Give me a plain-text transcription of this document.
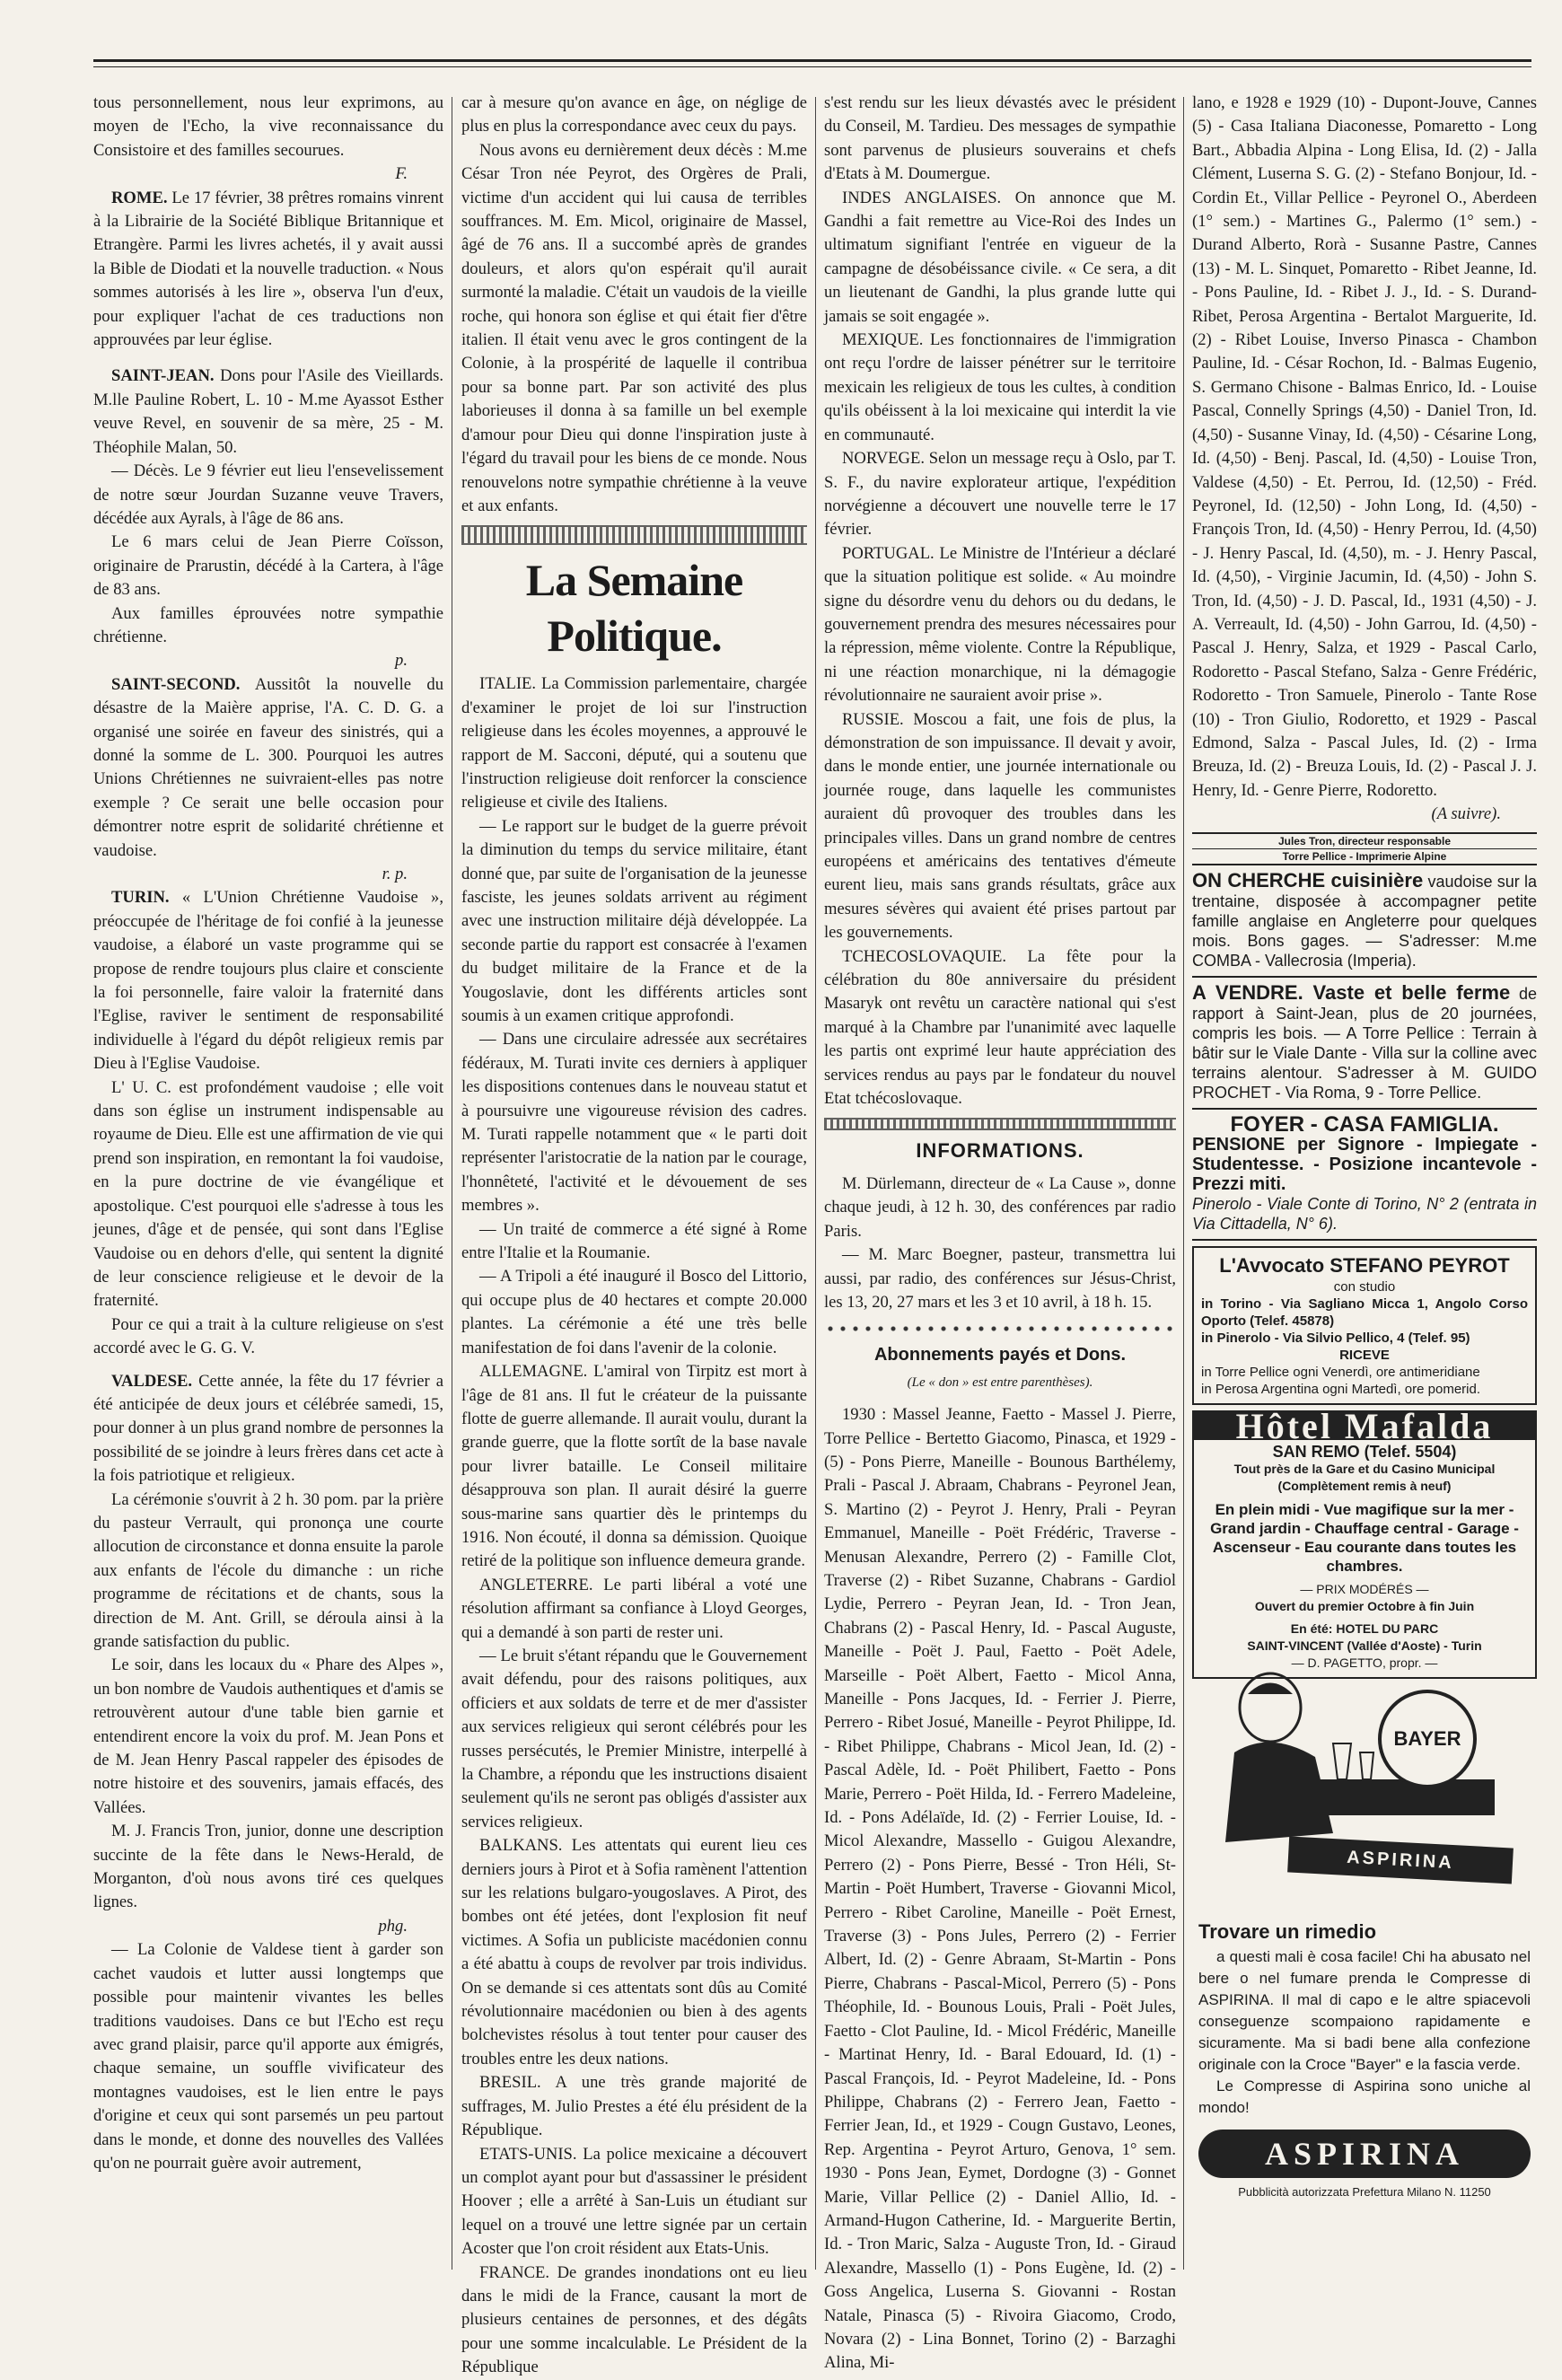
tous personnellement, nous leur exprimons, au moyen de l'Echo, la vive reconnaissance du Consistoire et des familles secourues.

F.

ROME. Le 17 février, 38 prêtres romains vinrent à la Librairie de la Société Biblique Britannique et Etrangère. Parmi les livres achetés, il y avait aussi la Bible de Diodati et la nouvelle traduction. « Nous sommes autorisés à les lire », observa l'un d'eux, pour expliquer l'achat de ces traductions non approuvées par leur église.

SAINT-JEAN. Dons pour l'Asile des Vieillards. M.lle Pauline Robert, L. 10 - M.me Ayassot Esther veuve Revel, en souvenir de sa mère, 25 - M. Théophile Malan, 50.

— Décès. Le 9 février eut lieu l'ensevelissement de notre sœur Jourdan Suzanne veuve Travers, décédée aux Ayrals, à l'âge de 86 ans.

Le 6 mars celui de Jean Pierre Coïsson, originaire de Prarustin, décédé à la Cartera, à l'âge de 83 ans.

Aux familles éprouvées notre sympathie chrétienne.

p.

SAINT-SECOND. Aussitôt la nouvelle du désastre de la Maière apprise, l'A. C. D. G. a organisé une soirée en faveur des sinistrés, qui a donné la somme de L. 300. Pourquoi les autres Unions Chrétiennes ne suivraient-elles pas notre exemple ? Ce serait une belle occasion pour démontrer notre esprit de solidarité chrétienne et vaudoise.

r. p.

TURIN. « L'Union Chrétienne Vaudoise », préoccupée de l'héritage de foi confié à la jeunesse vaudoise, a élaboré un vaste programme qui se propose de rendre toujours plus claire et consciente la foi personnelle, faire valoir la fraternité dans l'Eglise, raviver le sentiment de responsabilité individuelle à l'égard du dépôt religieux remis par Dieu à l'Eglise Vaudoise.

L' U. C. est profondément vaudoise ; elle voit dans son église un instrument indispensable au royaume de Dieu. Elle est une affirmation de vie qui prend son inspiration, en remontant la foi vaudoise, en la pure doctrine de vie évangélique et apostolique. C'est pourquoi elle s'adresse à tous les jeunes, d'âge et de pensée, qui sont dans l'Eglise Vaudoise ou en dehors d'elle, qui sentent la dignité de leur conscience religieuse et le devoir de la fraternité.

Pour ce qui a trait à la culture religieuse on s'est accordé avec le G. G. V.

VALDESE. Cette année, la fête du 17 février a été anticipée de deux jours et célébrée samedi, 15, pour donner à un plus grand nombre de personnes la possibilité de se joindre à leurs frères dans cet acte à la fois patriotique et religieux.

La cérémonie s'ouvrit à 2 h. 30 pom. par la prière du pasteur Verrault, qui prononça une courte allocution de circonstance et donna ensuite la parole aux enfants de l'école du dimanche : un riche programme de récitations et de chants, sous la direction de M. Ant. Grill, se déroula ainsi à la grande satisfaction du public.

Le soir, dans les locaux du « Phare des Alpes », un bon nombre de Vaudois authentiques et d'amis se retrouvèrent autour d'une table bien garnie et entendirent encore la voix du prof. M. Jean Pons et de M. Jean Henry Pascal rappeler des épisodes de notre histoire et des souvenirs, jamais effacés, des Vallées.

M. J. Francis Tron, junior, donne une description succinte de la fête dans le News-Herald, de Morganton, d'où nous avons tiré ces quelques lignes.

phg.

— La Colonie de Valdese tient à garder son cachet vaudois et lutter aussi longtemps que possible pour maintenir vivantes les belles traditions vaudoises. Dans ce but l'Echo est reçu avec grand plaisir, parce qu'il apporte aux émigrés, chaque semaine, un souffle vivificateur des montagnes vaudoises, est le lien entre le pays d'origine et ceux qui sont parsemés un peu partout dans le monde, et donne des nouvelles des Vallées qu'on ne pourrait guère avoir autrement,

car à mesure qu'on avance en âge, on néglige de plus en plus la correspondance avec ceux du pays.

Nous avons eu dernièrement deux décès : M.me César Tron née Peyrot, des Orgères de Prali, victime d'un accident qui lui causa de terribles souffrances. M. Em. Micol, originaire de Massel, âgé de 76 ans. Il a succombé après de grandes douleurs, et alors qu'on espérait qu'il aurait surmonté la maladie. C'était un vaudois de la vieille roche, qui honora son église et qui était fier d'être italien. Il était venu avec le gros contingent de la Colonie, à la prospérité de laquelle il contribua pour sa bonne part. Par son activité des plus laborieuses il donna à sa famille un bel exemple d'amour pour Dieu qui donne l'inspiration juste à l'égard du travail pour les biens de ce monde. Nous renouvelons notre sympathie chrétienne à la veuve et aux enfants.

La Semaine Politique.

ITALIE. La Commission parlementaire, chargée d'examiner le projet de loi sur l'instruction religieuse dans les écoles moyennes, a approuvé le rapport de M. Sacconi, député, qui a soutenu que l'instruction religieuse doit renforcer la conscience religieuse et civile des Italiens.

— Le rapport sur le budget de la guerre prévoit la diminution du temps du service militaire, étant donné que, par suite de l'organisation de la jeunesse fasciste, les jeunes soldats arrivent au régiment avec une instruction militaire déjà développée. La seconde partie du rapport est consacrée à l'examen du budget militaire de la France et de la Yougoslavie, dont les différents articles sont soumis à un examen critique approfondi.

— Dans une circulaire adressée aux secrétaires fédéraux, M. Turati invite ces derniers à appliquer les dispositions contenues dans le nouveau statut et à poursuivre une vigoureuse révision des cadres. M. Turati rappelle notamment que « le parti doit représenter l'aristocratie de la nation par le courage, l'honnêteté, l'activité et le dévouement de ses membres ».

— Un traité de commerce a été signé à Rome entre l'Italie et la Roumanie.

— A Tripoli a été inauguré il Bosco del Littorio, qui occupe plus de 40 hectares et compte 20.000 plantes. La cérémonie a été une très belle manifestation de foi dans l'avenir de la colonie.

ALLEMAGNE. L'amiral von Tirpitz est mort à l'âge de 81 ans. Il fut le créateur de la puissante flotte de guerre allemande. Il aurait voulu, durant la grande guerre, que la flotte sortît de la base navale pour livrer bataille. Le Conseil militaire désapprouva son plan. Il aurait désiré la guerre sous-marine sans quartier dès le printemps du 1916. Non écouté, il donna sa démission. Quoique retiré de la politique son influence demeura grande.

ANGLETERRE. Le parti libéral a voté une résolution affirmant sa confiance à Lloyd Georges, qui a demandé à son parti de rester uni.

— Le bruit s'étant répandu que le Gouvernement avait défendu, pour des raisons politiques, aux officiers et aux soldats de terre et de mer d'assister aux services religieux qui seront célébrés pour les russes persécutés, le Premier Ministre, interpellé à la Chambre, a répondu que les instructions disaient seulement qu'ils ne seront pas obligés d'assister aux services religieux.

BALKANS. Les attentats qui eurent lieu ces derniers jours à Pirot et à Sofia ramènent l'attention sur les relations bulgaro-yougoslaves. A Pirot, des bombes ont été jetées, dont l'explosion fit neuf victimes. A Sofia un publiciste macédonien connu a été abattu à coups de revolver par trois individus. On se demande si ces attentats sont dûs au Comité révolutionnaire macédonien ou bien à des agents bolchevistes résolus à tout tenter pour causer des troubles entre les deux nations.

BRESIL. A une très grande majorité de suffrages, M. Julio Prestes a été élu président de la République.

ETATS-UNIS. La police mexicaine a découvert un complot ayant pour but d'assassiner le président Hoover ; elle a arrêté à San-Luis un étudiant sur lequel on a trouvé une lettre signée par un certain Acoster que l'on croit résident aux Etats-Unis.

FRANCE. De grandes inondations ont eu lieu dans le midi de la France, causant la mort de plusieurs centaines de personnes, et des dégâts pour une somme incalculable. Le Président de la République

s'est rendu sur les lieux dévastés avec le président du Conseil, M. Tardieu. Des messages de sympathie sont parvenus de plusieurs souverains et chefs d'Etats à M. Doumergue.

INDES ANGLAISES. On annonce que M. Gandhi a fait remettre au Vice-Roi des Indes un ultimatum signifiant l'entrée en vigueur de la campagne de désobéissance civile. « Ce sera, a dit un lieutenant de Gandhi, la plus grande lutte qui jamais se soit engagée ».

MEXIQUE. Les fonctionnaires de l'immigration ont reçu l'ordre de laisser pénétrer sur le territoire mexicain les religieux de tous les cultes, à condition qu'ils obéissent à la loi mexicaine qui interdit la vie en communauté.

NORVEGE. Selon un message reçu à Oslo, par T. S. F., du navire explorateur artique, l'expédition norvégienne a découvert une nouvelle terre le 17 février.

PORTUGAL. Le Ministre de l'Intérieur a déclaré que la situation politique est solide. « Au moindre signe du désordre venu du dehors ou du dedans, le gouvernement prendra des mesures nécessaires pour la répression, même violente. Contre la République, ni une réaction monarchique, ni la démagogie révolutionnaire ne sauraient avoir prise ».

RUSSIE. Moscou a fait, une fois de plus, la démonstration de son impuissance. Il devait y avoir, dans le monde entier, une journée internationale ou journée rouge, dans laquelle les communistes auraient dû provoquer des troubles dans les principales villes. Dans un grand nombre de centres européens et américains des tentatives d'émeute eurent lieu, mais sans grands résultats, grâce aux mesures sévères qui avaient été prises partout par les gouvernements.

TCHECOSLOVAQUIE. La fête pour la célébration du 80e anniversaire du président Masaryk ont revêtu un caractère national qui s'est marqué à la Chambre par l'unanimité avec laquelle les partis ont exprimé leur haute appréciation des services rendus au pays par le fondateur du nouvel Etat tchécoslovaque.

INFORMATIONS.

M. Dürlemann, directeur de « La Cause », donne chaque jeudi, à 12 h. 30, des conférences par radio Paris.

— M. Marc Boegner, pasteur, transmettra lui aussi, par radio, des conférences sur Jésus-Christ, les 13, 20, 27 mars et les 3 et 10 avril, à 18 h. 15.

Abonnements payés et Dons.
(Le « don » est entre parenthèses).

1930 : Massel Jeanne, Faetto - Massel J. Pierre, Torre Pellice - Bertetto Giacomo, Pinasca, et 1929 - (5) - Pons Pierre, Maneille - Bounous Barthélemy, Prali - Pascal J. Abraam, Chabrans - Peyronel Jean, S. Martino (2) - Peyrot J. Henry, Prali - Peyran Emmanuel, Maneille - Poët Frédéric, Traverse - Menusan Alexandre, Perrero (2) - Famille Clot, Traverse (2) - Ribet Suzanne, Chabrans - Gardiol Lydie, Perrero - Peyran Jean, Id. - Tron Jean, Chabrans (2) - Pascal Henry, Id. - Pascal Auguste, Maneille - Poët J. Paul, Faetto - Poët Adele, Marseille - Poët Albert, Faetto - Micol Anna, Maneille - Pons Jacques, Id. - Ferrier J. Pierre, Perrero - Ribet Josué, Maneille - Peyrot Philippe, Id. - Ribet Philippe, Chabrans - Micol Jean, Id. (2) - Pascal Adèle, Id. - Poët Philibert, Faetto - Pons Marie, Perrero - Poët Hilda, Id. - Ferrero Madeleine, Id. - Pons Adélaïde, Id. (2) - Ferrier Louise, Id. - Micol Alexandre, Massello - Guigou Alexandre, Perrero (2) - Pons Pierre, Bessé - Tron Héli, St-Martin - Poët Humbert, Traverse - Giovanni Micol, Perrero - Ribet Caroline, Maneille - Poët Ernest, Traverse (3) - Pons Jules, Perrero (2) - Ferrier Albert, Id. (2) - Genre Abraam, St-Martin - Pons Pierre, Chabrans - Pascal-Micol, Perrero (5) - Pons Théophile, Id. - Bounous Louis, Prali - Poët Jules, Faetto - Clot Pauline, Id. - Micol Frédéric, Maneille - Martinat Henry, Id. - Baral Edouard, Id. (1) - Pascal François, Id. - Peyrot Madeleine, Id. - Pons Philippe, Chabrans (2) - Ferrero Jean, Faetto - Ferrier Jean, Id., et 1929 - Cougn Gustavo, Leones, Rep. Argentina - Peyrot Arturo, Genova, 1° sem. 1930 - Pons Jean, Eymet, Dordogne (3) - Gonnet Marie, Villar Pellice (2) - Daniel Allio, Id. - Armand-Hugon Catherine, Id. - Marguerite Bertin, Id. - Tron Maric, Salza - Auguste Tron, Id. - Giraud Alexandre, Massello (1) - Pons Eugène, Id. (2) - Goss Angelica, Luserna S. Giovanni - Rostan Natale, Pinasca (5) - Rivoira Giacomo, Crodo, Novara (2) - Lina Bonnet, Torino (2) - Barzaghi Alina, Mi-

lano, e 1928 e 1929 (10) - Dupont-Jouve, Cannes (5) - Casa Italiana Diaconesse, Pomaretto - Long Bart., Abbadia Alpina - Long Elisa, Id. (2) - Jalla Clément, Luserna S. G. (2) - Stefano Bonjour, Id. - Cordin Et., Villar Pellice - Peyronel O., Aberdeen (1° sem.) - Martines G., Palermo (1° sem.) - Durand Alberto, Rorà - Susanne Pastre, Cannes (13) - M. L. Sinquet, Pomaretto - Ribet Jeanne, Id. - Pons Pauline, Id. - Ribet J. J., Id. - S. Durand-Ribet, Perosa Argentina - Bertalot Marguerite, Id. (2) - Ribet Louise, Inverso Pinasca - Chambon Pauline, Id. - César Rochon, Id. - Balmas Eugenio, S. Germano Chisone - Balmas Enrico, Id. - Louise Pascal, Connelly Springs (4,50) - Daniel Tron, Id. (4,50) - Susanne Vinay, Id. (4,50) - Césarine Long, Id. (4,50) - Benj. Pascal, Id. (4,50) - Louise Tron, Valdese (4,50) - Et. Perrou, Id. (12,50) - Fréd. Peyronel, Id. (12,50) - John Long, Id. (4,50) - François Tron, Id. (4,50) - Henry Perrou, Id. (4,50) - J. Henry Pascal, Id. (4,50), m. - J. Henry Pascal, Id. (4,50), - Virginie Jacumin, Id. (4,50) - John S. Tron, Id. (4,50) - J. D. Pascal, Id., 1931 (4,50) - J. A. Verreault, Id. (4,50) - John Garrou, Id. (4,50) - Pascal J. Henry, Salza, et 1929 - Pascal Carlo, Rodoretto - Pascal Stefano, Salza - Genre Frédéric, Rodoretto - Tron Samuele, Pinerolo - Tante Rose (10) - Tron Giulio, Rodoretto, et 1929 - Pascal Edmond, Salza - Pascal Jules, Id. (2) - Irma Breuza, Id. (2) - Breuza Louis, Id. (2) - Pascal J. J. Henry, Id. - Genre Pierre, Rodoretto.

(A suivre).
Jules Tron, directeur responsable
Torre Pellice - Imprimerie Alpine
ON CHERCHE cuisinière vaudoise sur la trentaine, disposée à accompagner petite famille anglaise en Angleterre pour quelques mois. Bons gages. — S'adresser: M.me COMBA - Vallecrosia (Imperia).
A VENDRE. Vaste et belle ferme de rapport à Saint-Jean, plus de 20 journées, compris les bois. — A Torre Pellice : Terrain à bâtir sur le Viale Dante - Villa sur la colline avec terrains alentour. S'adresser à M. GUIDO PROCHET - Via Roma, 9 - Torre Pellice.
FOYER - CASA FAMIGLIA.
PENSIONE per Signore - Impiegate - Studentesse. - Posizione incantevole - Prezzi miti.
Pinerolo - Viale Conte di Torino, N° 2 (entrata in Via Cittadella, N° 6).
L'Avvocato STEFANO PEYROT
con studio
in Torino - Via Sagliano Micca 1, Angolo Corso Oporto (Telef. 45878)
in Pinerolo - Via Silvio Pellico, 4 (Telef. 95)
RICEVE
in Torre Pellice ogni Venerdì, ore antimeridiane
in Perosa Argentina ogni Martedì, ore pomerid.
Hôtel Mafalda
SAN REMO (Telef. 5504)
Tout près de la Gare et du Casino Municipal
(Complètement remis à neuf)
En plein midi - Vue magifique sur la mer - Grand jardin - Chauffage central - Garage - Ascenseur - Eau courante dans toutes les chambres.
— PRIX MODÉRÉS —
Ouvert du premier Octobre à fin Juin
En été: HOTEL DU PARC
SAINT-VINCENT (Vallée d'Aoste) - Turin
— D. PAGETTO, propr. —
BAYER
ASPIRINA
Trovare un rimedio

a questi mali è cosa facile! Chi ha abusato nel bere o nel fumare prenda le Compresse di ASPIRINA. Il mal di capo e le altre spiacevoli conseguenze scompaiono rapidamente e sicuramente. Ma si badi bene alla confezione originale con la Croce "Bayer" e la fascia verde.

Le Compresse di Aspirina sono uniche al mondo!

ASPIRINA
Pubblicità autorizzata Prefettura Milano N. 11250
